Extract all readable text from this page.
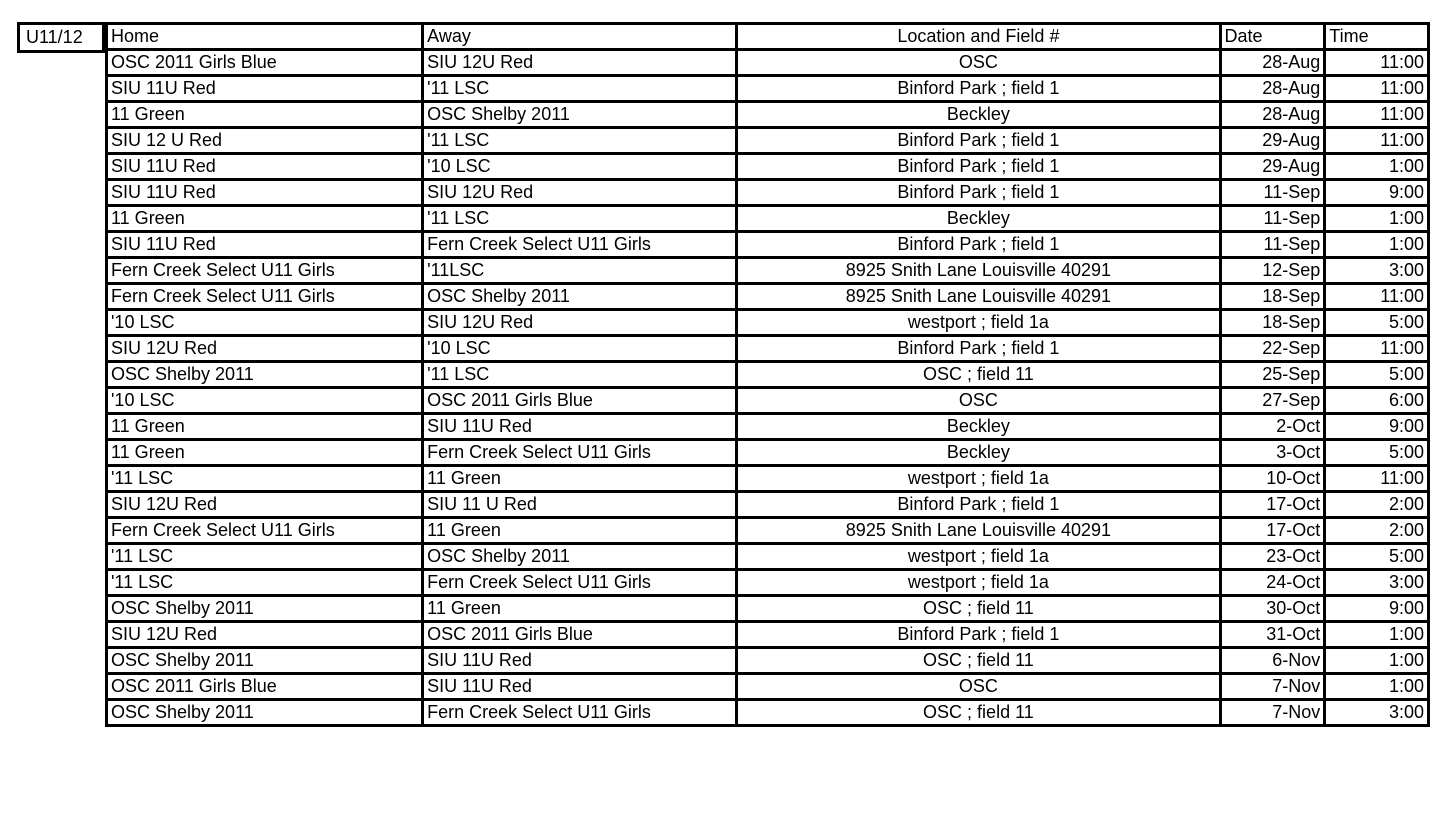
U11/12	Home	Away	Location and Field #	Date	Time
OSC 2011 Girls Blue	SIU 12U Red	OSC	28-Aug	11:00
SIU 11U Red	'11 LSC	Binford Park ; field 1	28-Aug	11:00
11 Green	OSC Shelby 2011	Beckley	28-Aug	11:00
SIU 12 U Red	'11 LSC	Binford Park ; field 1	29-Aug	11:00
SIU 11U Red	'10 LSC	Binford Park ; field 1	29-Aug	1:00
SIU 11U Red	SIU 12U Red	Binford Park ; field 1	11-Sep	9:00
11 Green	'11 LSC	Beckley	11-Sep	1:00
SIU 11U Red	Fern Creek Select U11 Girls	Binford Park ; field 1	11-Sep	1:00
Fern Creek Select U11 Girls	'11LSC	8925 Snith Lane Louisville 40291	12-Sep	3:00
Fern Creek Select U11 Girls	OSC Shelby 2011	8925 Snith Lane Louisville 40291	18-Sep	11:00
'10 LSC	SIU 12U Red	westport ; field 1a	18-Sep	5:00
SIU 12U Red	'10 LSC	Binford Park ; field 1	22-Sep	11:00
OSC Shelby 2011	'11 LSC	OSC ; field 11	25-Sep	5:00
'10 LSC	OSC 2011 Girls Blue	OSC	27-Sep	6:00
11 Green	SIU 11U Red	Beckley	2-Oct	9:00
11 Green	Fern Creek Select U11 Girls	Beckley	3-Oct	5:00
'11 LSC	11 Green	westport ; field 1a	10-Oct	11:00
SIU 12U Red	SIU 11 U Red	Binford Park ; field 1	17-Oct	2:00
Fern Creek Select U11 Girls	11 Green	8925 Snith Lane Louisville 40291	17-Oct	2:00
'11 LSC	OSC Shelby 2011	westport ; field 1a	23-Oct	5:00
'11 LSC	Fern Creek Select U11 Girls	westport ; field 1a	24-Oct	3:00
OSC Shelby 2011	11 Green	OSC ; field 11	30-Oct	9:00
SIU 12U Red	OSC 2011 Girls Blue	Binford Park ; field 1	31-Oct	1:00
OSC Shelby 2011	SIU 11U Red	OSC ; field 11	6-Nov	1:00
OSC 2011 Girls Blue	SIU 11U Red	OSC	7-Nov	1:00
OSC Shelby 2011	Fern Creek Select U11 Girls	OSC ; field 11	7-Nov	3:00
